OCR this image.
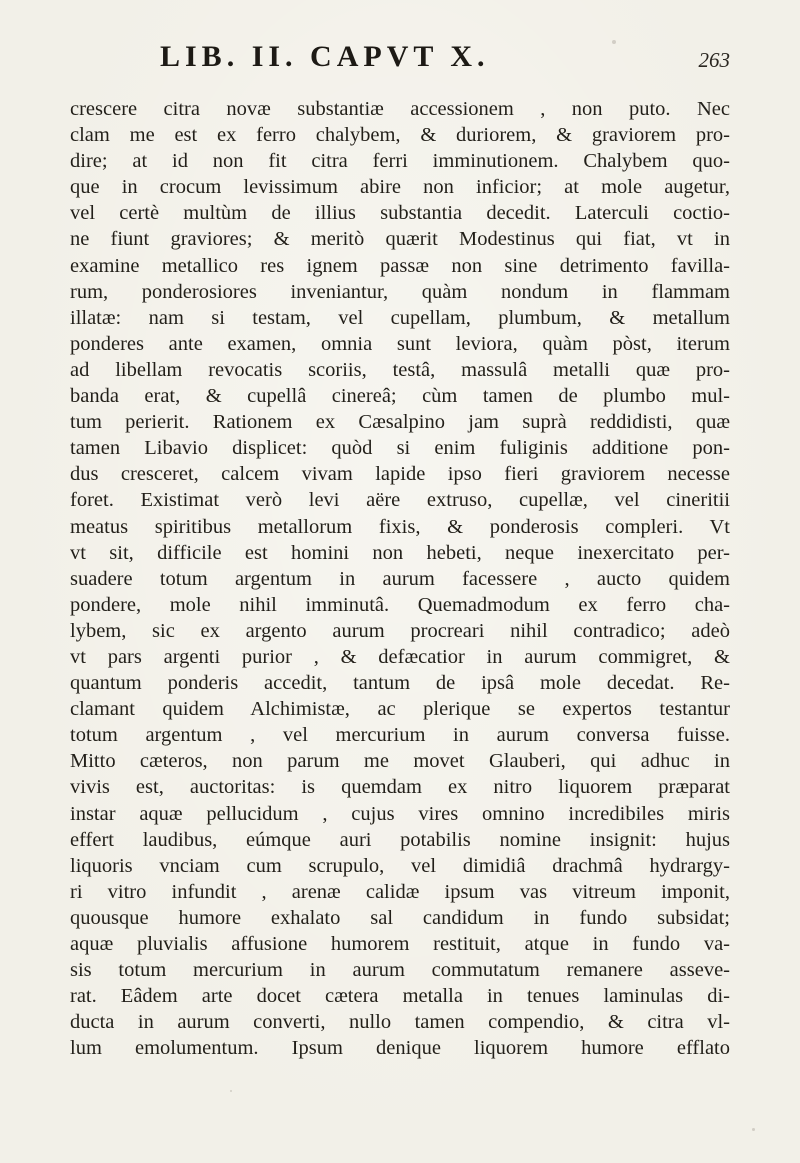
LIB. II. CAPVT X.	263
crescere citra novæ substantiæ accessionem , non puto. Nec
clam me est ex ferro chalybem, & duriorem, & graviorem pro-
dire; at id non fit citra ferri imminutionem. Chalybem quo-
que in crocum levissimum abire non inficior; at mole augetur,
vel certè multùm de illius substantia decedit. Laterculi coctio-
ne fiunt graviores; & meritò quærit Modestinus qui fiat, vt in
examine metallico res ignem passæ non sine detrimento favilla-
rum, ponderosiores inveniantur, quàm nondum in flammam
illatæ: nam si testam, vel cupellam, plumbum, & metallum
ponderes ante examen, omnia sunt leviora, quàm pòst, iterum
ad libellam revocatis scoriis, testâ, massulâ metalli quæ pro-
banda erat, & cupellâ cinereâ; cùm tamen de plumbo mul-
tum perierit. Rationem ex Cæsalpino jam suprà reddidisti, quæ
tamen Libavio displicet: quòd si enim fuliginis additione pon-
dus cresceret, calcem vivam lapide ipso fieri graviorem necesse
foret. Existimat verò levi aëre extruso, cupellæ, vel cineritii
meatus spiritibus metallorum fixis, & ponderosis compleri. Vt
vt sit, difficile est homini non hebeti, neque inexercitato per-
suadere totum argentum in aurum facessere , aucto quidem
pondere, mole nihil imminutâ. Quemadmodum ex ferro cha-
lybem, sic ex argento aurum procreari nihil contradico; adeò
vt pars argenti purior , & defæcatior in aurum commigret, &
quantum ponderis accedit, tantum de ipsâ mole decedat. Re-
clamant quidem Alchimistæ, ac plerique se expertos testantur
totum argentum , vel mercurium in aurum conversa fuisse.
Mitto cæteros, non parum me movet Glauberi, qui adhuc in
vivis est, auctoritas: is quemdam ex nitro liquorem præparat
instar aquæ pellucidum , cujus vires omnino incredibiles miris
effert laudibus, eúmque auri potabilis nomine insignit: hujus
liquoris vnciam cum scrupulo, vel dimidiâ drachmâ hydrargy-
ri vitro infundit , arenæ calidæ ipsum vas vitreum imponit,
quousque humore exhalato sal candidum in fundo subsidat;
aquæ pluvialis affusione humorem restituit, atque in fundo va-
sis totum mercurium in aurum commutatum remanere asseve-
rat. Eâdem arte docet cætera metalla in tenues laminulas di-
ducta in aurum converti, nullo tamen compendio, & citra vl-
lum emolumentum. Ipsum denique liquorem humore efflato
